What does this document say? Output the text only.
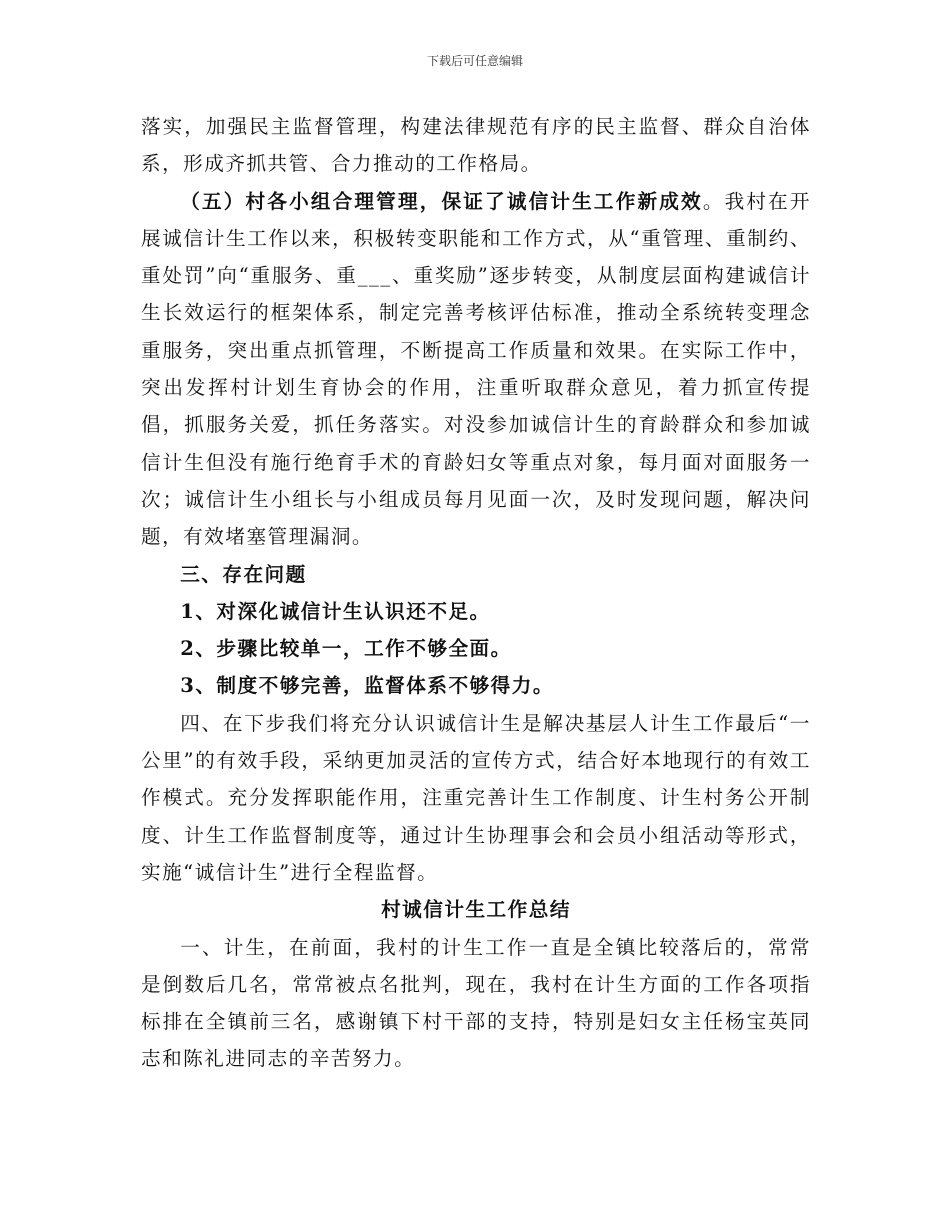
下载后可任意编辑

落实，加强民主监督管理，构建法律规范有序的民主监督、群众自治体系，形成齐抓共管、合力推动的工作格局。

（五）村各小组合理管理，保证了诚信计生工作新成效。我村在开展诚信计生工作以来，积极转变职能和工作方式，从“重管理、重制约、重处罚”向“重服务、重___、重奖励”逐步转变，从制度层面构建诚信计生长效运行的框架体系，制定完善考核评估标准，推动全系统转变理念重服务，突出重点抓管理，不断提高工作质量和效果。在实际工作中，突出发挥村计划生育协会的作用，注重听取群众意见，着力抓宣传提倡，抓服务关爱，抓任务落实。对没参加诚信计生的育龄群众和参加诚信计生但没有施行绝育手术的育龄妇女等重点对象，每月面对面服务一次；诚信计生小组长与小组成员每月见面一次，及时发现问题，解决问题，有效堵塞管理漏洞。

三、存在问题

1、对深化诚信计生认识还不足。

2、步骤比较单一，工作不够全面。

3、制度不够完善，监督体系不够得力。

四、在下步我们将充分认识诚信计生是解决基层人计生工作最后“一公里”的有效手段，采纳更加灵活的宣传方式，结合好本地现行的有效工作模式。充分发挥职能作用，注重完善计生工作制度、计生村务公开制度、计生工作监督制度等，通过计生协理事会和会员小组活动等形式，实施“诚信计生”进行全程监督。

村诚信计生工作总结

一、计生，在前面，我村的计生工作一直是全镇比较落后的，常常是倒数后几名，常常被点名批判，现在，我村在计生方面的工作各项指标排在全镇前三名，感谢镇下村干部的支持，特别是妇女主任杨宝英同志和陈礼进同志的辛苦努力。
